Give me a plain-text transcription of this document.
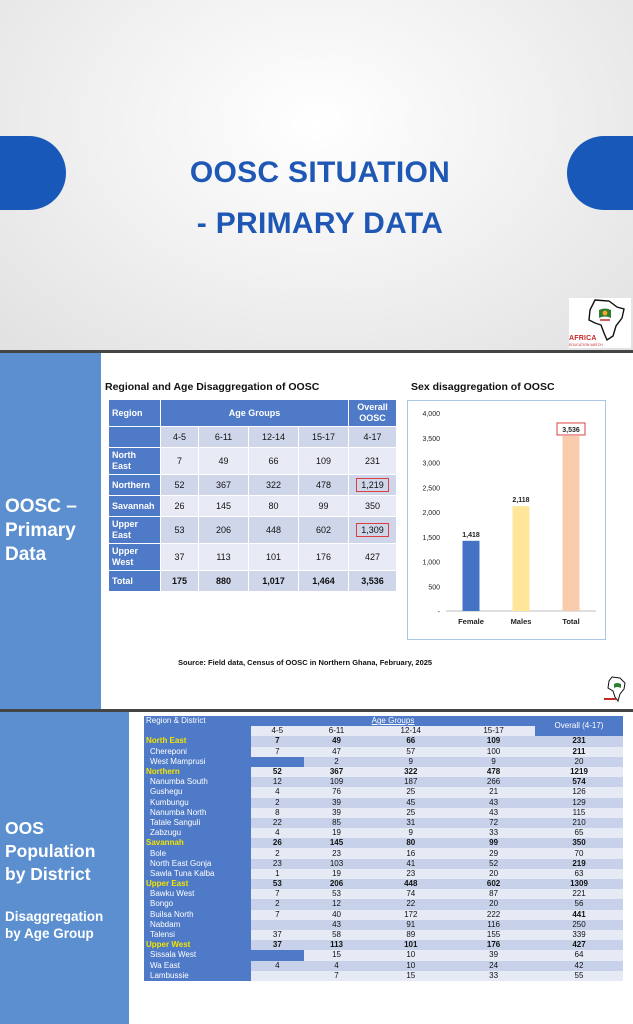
OOSC SITUATION
- PRIMARY DATA
AFRICA
EDUCATION WATCH
OOSC –
Primary
Data
Regional and Age Disaggregation of OOSC	Sex disaggregation of OOSC
Region	Age Groups				Overall
OOSC
	4-5	6-11	12-14	15-17	4-17
North East	7	49	66	109	231
Northern	52	367	322	478	1,219
Savannah	26	145	80	99	350
Upper East	53	206	448	602	1,309
Upper West	37	113	101	176	427
Total	175	880	1,017	1,464	3,536
-
500
1,000
1,500
2,000
2,500
3,000
3,500
4,000
1,418
Female
2,118
Males
3,536
Total
Source: Field data, Census of OOSC in Northern Ghana, February, 2025
OOS
Population
by District
Disaggregation
by Age Group
Region & District	Age Groups				Overall (4-17)
	4-5	6-11	12-14	15-17	
North East	7	49	66	109	231
Chereponi	7	47	57	100	211
West Mamprusi		2	9	9	20
Northern	52	367	322	478	1219
Nanumba South	12	109	187	266	574
Gushegu	4	76	25	21	126
Kumbungu	2	39	45	43	129
Nanumba North	8	39	25	43	115
Tatale Sanguli	22	85	31	72	210
Zabzugu	4	19	9	33	65
Savannah	26	145	80	99	350
Bole	2	23	16	29	70
North East Gonja	23	103	41	52	219
Sawla Tuna Kalba	1	19	23	20	63
Upper East	53	206	448	602	1309
Bawku West	7	53	74	87	221
Bongo	2	12	22	20	56
Builsa North	7	40	172	222	441
Nabdam		43	91	116	250
Talensi	37	58	89	155	339
Upper West	37	113	101	176	427
Sissala West		15	10	39	64
Wa East	4	4	10	24	42
Lambussie		7	15	33	55
